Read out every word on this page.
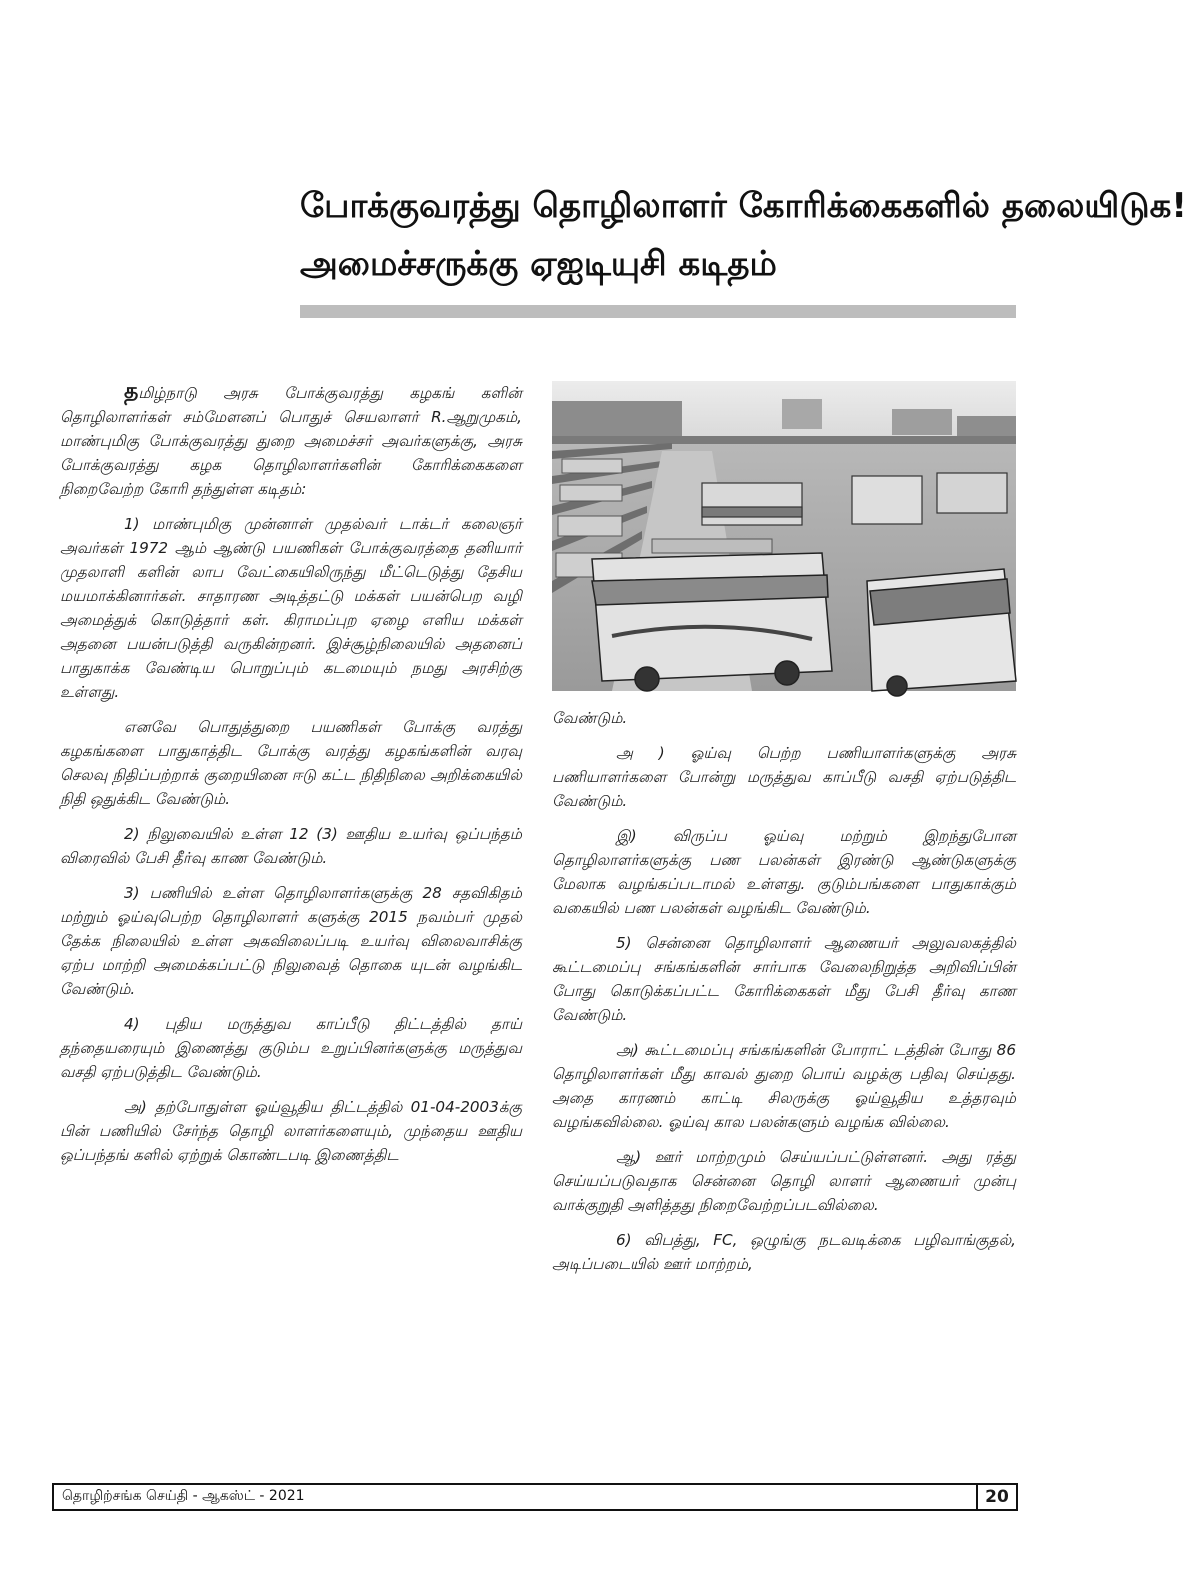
போக்குவரத்து தொழிலாளர் கோரிக்கைகளில் தலையிடுக!
அமைச்சருக்கு ஏஐடியுசி கடிதம்

தமிழ்நாடு அரசு போக்குவரத்து கழகங் களின் தொழிலாளர்கள் சம்மேளனப் பொதுச் செயலாளர் R.ஆறுமுகம், மாண்புமிகு போக்குவரத்து துறை அமைச்சர் அவர்களுக்கு, அரசு போக்குவரத்து கழக தொழிலாளர்களின் கோரிக்கைகளை நிறைவேற்ற கோரி தந்துள்ள கடிதம்:

1) மாண்புமிகு முன்னாள் முதல்வர் டாக்டர் கலைஞர் அவர்கள் 1972 ஆம் ஆண்டு பயணிகள் போக்குவரத்தை தனியார் முதலாளி களின் லாப வேட்கையிலிருந்து மீட்டெடுத்து தேசிய மயமாக்கினார்கள். சாதாரண அடித்தட்டு மக்கள் பயன்பெற வழி அமைத்துக் கொடுத்தார் கள். கிராமப்புற ஏழை எளிய மக்கள் அதனை பயன்படுத்தி வருகின்றனர். இச்சூழ்நிலையில் அதனைப் பாதுகாக்க வேண்டிய பொறுப்பும் கடமையும் நமது அரசிற்கு உள்ளது.

எனவே பொதுத்துறை பயணிகள் போக்கு வரத்து கழகங்களை பாதுகாத்திட போக்கு வரத்து கழகங்களின் வரவு செலவு நிதிப்பற்றாக் குறையினை ஈடு கட்ட நிதிநிலை அறிக்கையில் நிதி ஒதுக்கிட வேண்டும்.

2) நிலுவையில் உள்ள 12 (3) ஊதிய உயர்வு ஒப்பந்தம் விரைவில் பேசி தீர்வு காண வேண்டும்.

3) பணியில் உள்ள தொழிலாளர்களுக்கு 28 சதவிகிதம் மற்றும் ஓய்வுபெற்ற தொழிலாளர் களுக்கு 2015 நவம்பர் முதல் தேக்க நிலையில் உள்ள அகவிலைப்படி உயர்வு விலைவாசிக்கு ஏற்ப மாற்றி அமைக்கப்பட்டு நிலுவைத் தொகை யுடன் வழங்கிட வேண்டும்.

4) புதிய மருத்துவ காப்பீடு திட்டத்தில் தாய் தந்தையரையும் இணைத்து குடும்ப உறுப்பினர்களுக்கு மருத்துவ வசதி ஏற்படுத்திட வேண்டும்.

அ) தற்போதுள்ள ஓய்வூதிய திட்டத்தில் 01-04-2003க்கு பின் பணியில் சேர்ந்த தொழி லாளர்களையும், முந்தைய ஊதிய ஒப்பந்தங் களில் ஏற்றுக் கொண்டபடி இணைத்திட

வேண்டும்.

அ ) ஓய்வு பெற்ற பணியாளர்களுக்கு அரசு பணியாளர்களை போன்று மருத்துவ காப்பீடு வசதி ஏற்படுத்திட வேண்டும்.

இ) விருப்ப ஓய்வு மற்றும் இறந்துபோன தொழிலாளர்களுக்கு பண பலன்கள் இரண்டு ஆண்டுகளுக்கு மேலாக வழங்கப்படாமல் உள்ளது. குடும்பங்களை பாதுகாக்கும் வகையில் பண பலன்கள் வழங்கிட வேண்டும்.

5) சென்னை தொழிலாளர் ஆணையர் அலுவலகத்தில் கூட்டமைப்பு சங்கங்களின் சார்பாக வேலைநிறுத்த அறிவிப்பின் போது கொடுக்கப்பட்ட கோரிக்கைகள் மீது பேசி தீர்வு காண வேண்டும்.

அ) கூட்டமைப்பு சங்கங்களின் போராட் டத்தின் போது 86 தொழிலாளர்கள் மீது காவல் துறை பொய் வழக்கு பதிவு செய்தது. அதை காரணம் காட்டி சிலருக்கு ஓய்வூதிய உத்தரவும் வழங்கவில்லை. ஓய்வு கால பலன்களும் வழங்க வில்லை.

ஆ) ஊர் மாற்றமும் செய்யப்பட்டுள்ளனர். அது ரத்து செய்யப்படுவதாக சென்னை தொழி லாளர் ஆணையர் முன்பு வாக்குறுதி அளித்தது நிறைவேற்றப்படவில்லை.

6) விபத்து, FC, ஒழுங்கு நடவடிக்கை பழிவாங்குதல், அடிப்படையில் ஊர் மாற்றம்,

தொழிற்சங்க செய்தி - ஆகஸ்ட் - 2021	20
